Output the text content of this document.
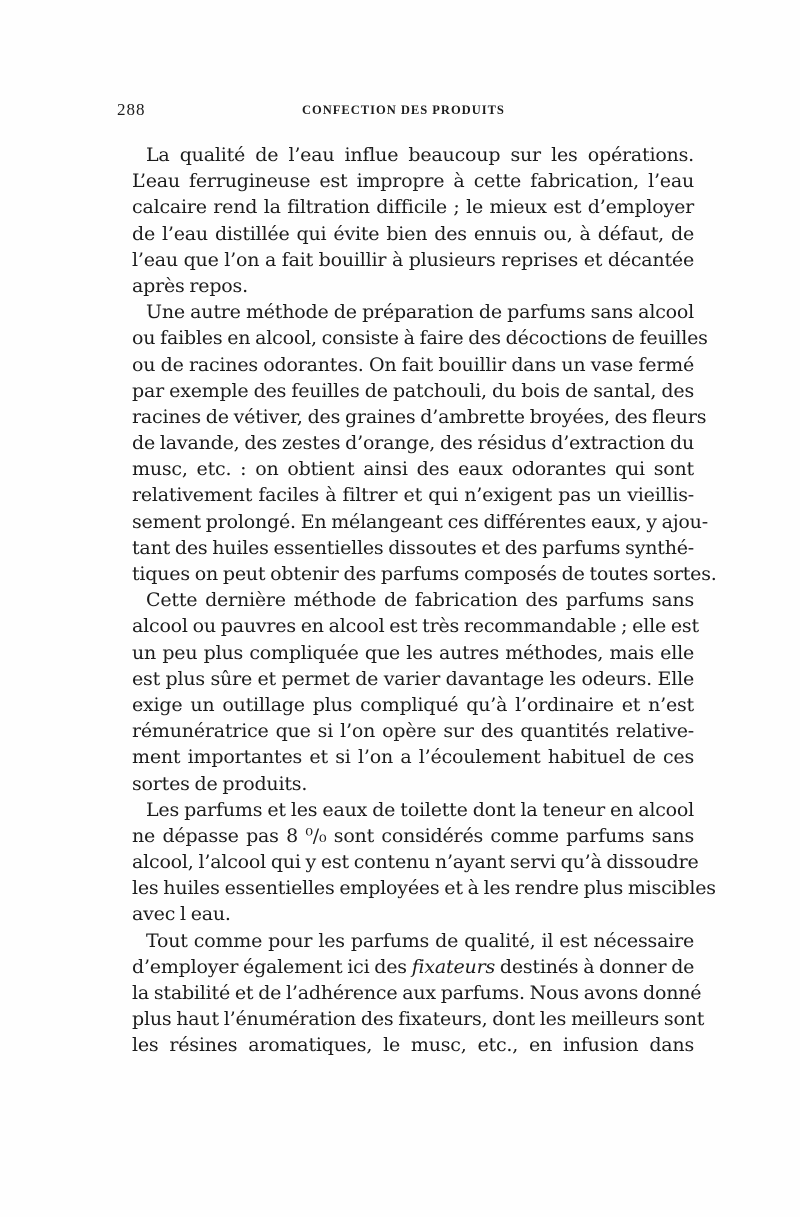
288	CONFECTION DES PRODUITS
La qualité de l’eau influe beaucoup sur les opérations.
L’eau ferrugineuse est impropre à cette fabrication, l’eau
calcaire rend la filtration difficile ; le mieux est d’employer
de l’eau distillée qui évite bien des ennuis ou, à défaut, de
l’eau que l’on a fait bouillir à plusieurs reprises et décantée
après repos.
Une autre méthode de préparation de parfums sans alcool
ou faibles en alcool, consiste à faire des décoctions de feuilles
ou de racines odorantes. On fait bouillir dans un vase fermé
par exemple des feuilles de patchouli, du bois de santal, des
racines de vétiver, des graines d’ambrette broyées, des fleurs
de lavande, des zestes d’orange, des résidus d’extraction du
musc, etc. : on obtient ainsi des eaux odorantes qui sont
relativement faciles à filtrer et qui n’exigent pas un vieillis-
sement prolongé. En mélangeant ces différentes eaux, y ajou-
tant des huiles essentielles dissoutes et des parfums synthé-
tiques on peut obtenir des parfums composés de toutes sortes.
Cette dernière méthode de fabrication des parfums sans
alcool ou pauvres en alcool est très recommandable ; elle est
un peu plus compliquée que les autres méthodes, mais elle
est plus sûre et permet de varier davantage les odeurs. Elle
exige un outillage plus compliqué qu’à l’ordinaire et n’est
rémunératrice que si l’on opère sur des quantités relative-
ment importantes et si l’on a l’écoulement habituel de ces
sortes de produits.
Les parfums et les eaux de toilette dont la teneur en alcool
ne dépasse pas 8 ⁰/₀ sont considérés comme parfums sans
alcool, l’alcool qui y est contenu n’ayant servi qu’à dissoudre
les huiles essentielles employées et à les rendre plus miscibles
avec l eau.
Tout comme pour les parfums de qualité, il est nécessaire
d’employer également ici des fixateurs destinés à donner de
la stabilité et de l’adhérence aux parfums. Nous avons donné
plus haut l’énumération des fixateurs, dont les meilleurs sont
les résines aromatiques, le musc, etc., en infusion dans
